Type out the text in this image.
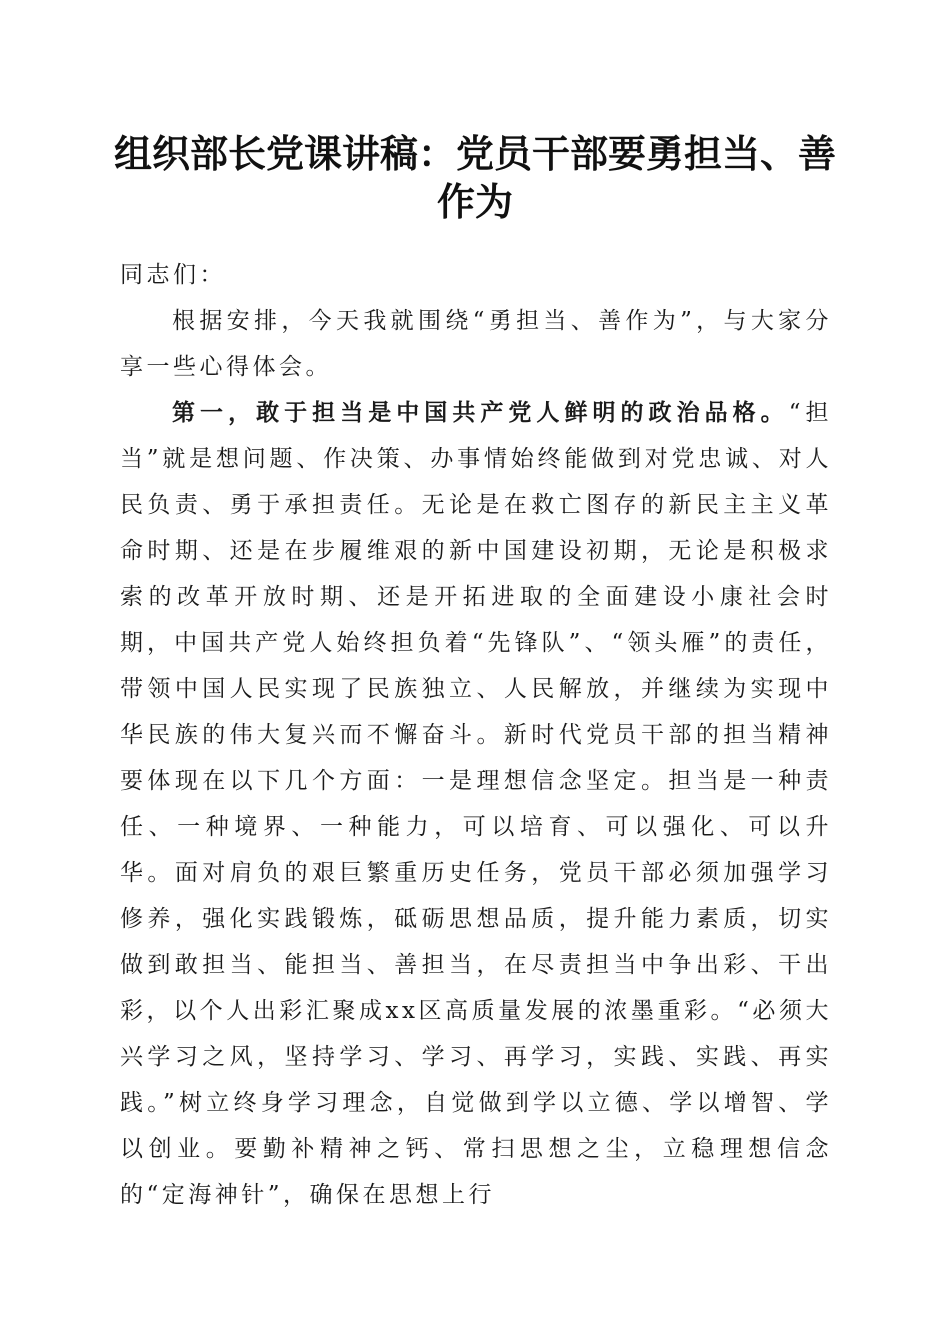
组织部长党课讲稿：党员干部要勇担当、善作为

同志们：

根据安排，今天我就围绕“勇担当、善作为”，与大家分享一些心得体会。

第一，敢于担当是中国共产党人鲜明的政治品格。“担当”就是想问题、作决策、办事情始终能做到对党忠诚、对人民负责、勇于承担责任。无论是在救亡图存的新民主主义革命时期、还是在步履维艰的新中国建设初期，无论是积极求索的改革开放时期、还是开拓进取的全面建设小康社会时期，中国共产党人始终担负着“先锋队”、“领头雁”的责任，带领中国人民实现了民族独立、人民解放，并继续为实现中华民族的伟大复兴而不懈奋斗。新时代党员干部的担当精神要体现在以下几个方面：一是理想信念坚定。担当是一种责任、一种境界、一种能力，可以培育、可以强化、可以升华。面对肩负的艰巨繁重历史任务，党员干部必须加强学习修养，强化实践锻炼，砥砺思想品质，提升能力素质，切实做到敢担当、能担当、善担当，在尽责担当中争出彩、干出彩，以个人出彩汇聚成xx区高质量发展的浓墨重彩。“必须大兴学习之风，坚持学习、学习、再学习，实践、实践、再实践。”树立终身学习理念，自觉做到学以立德、学以增智、学以创业。要勤补精神之钙、常扫思想之尘，立稳理想信念的“定海神针”，确保在思想上行
